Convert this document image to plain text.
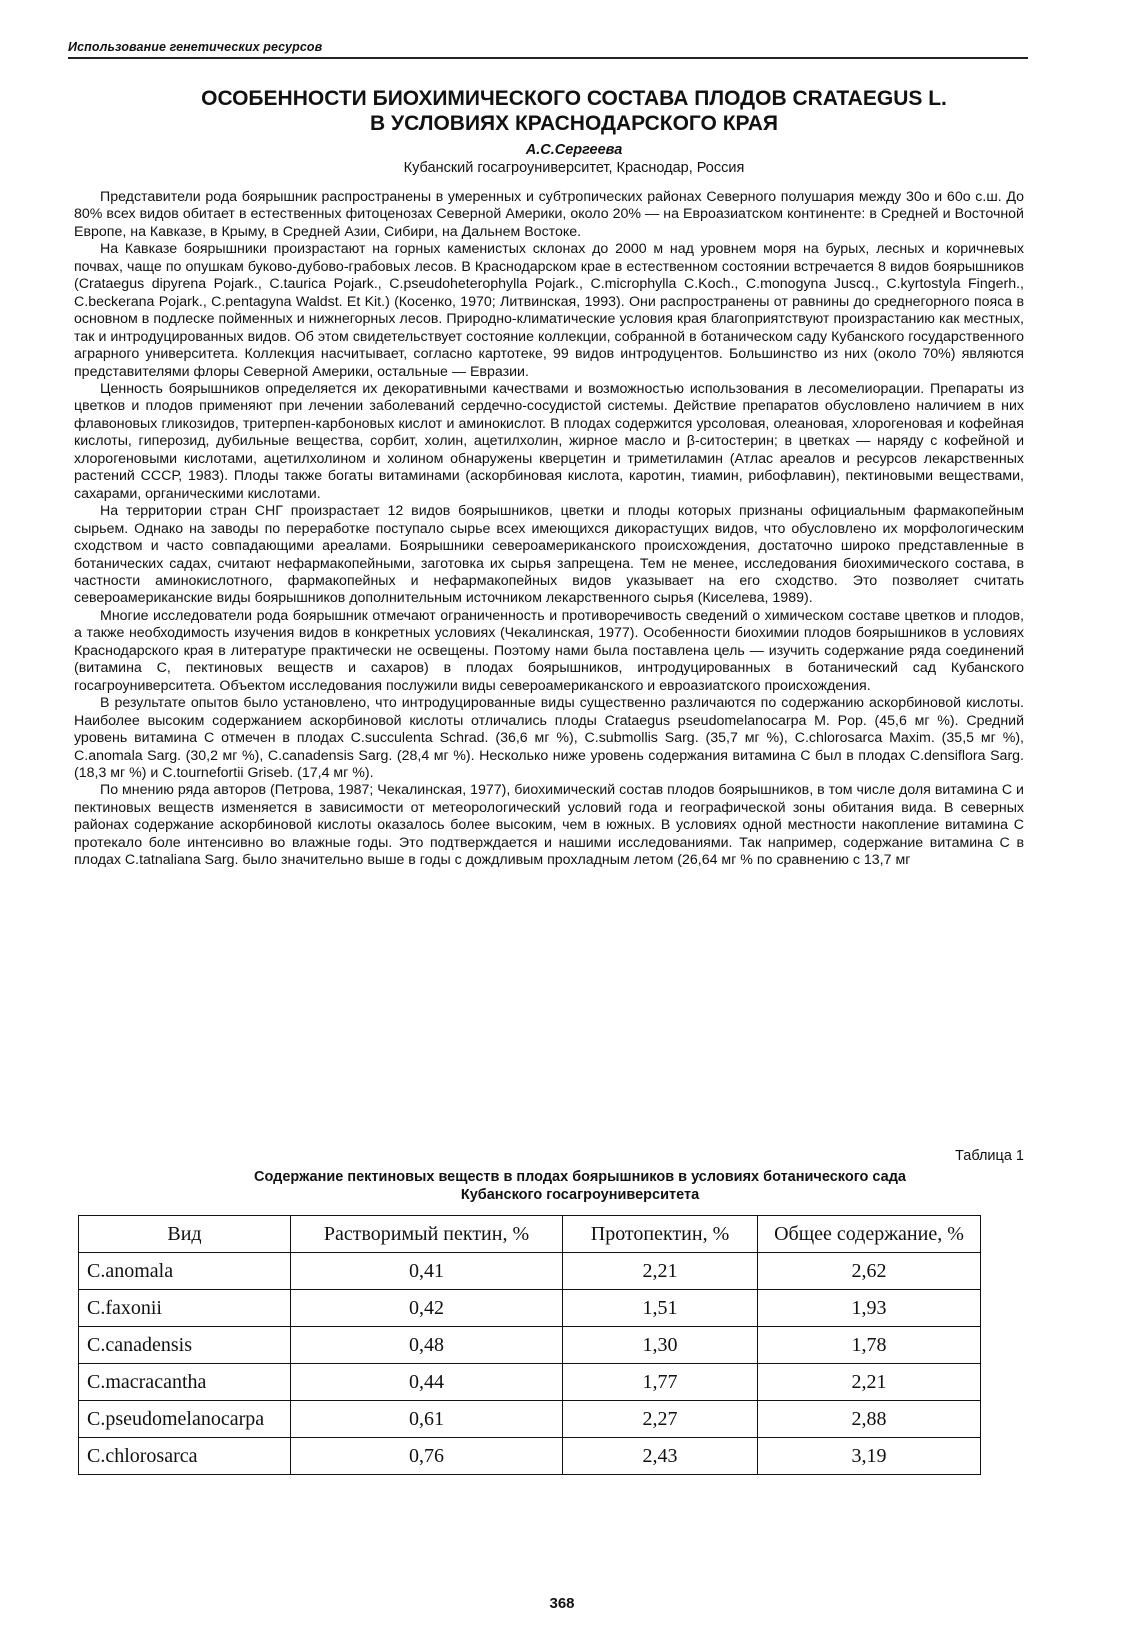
Использование генетических ресурсов
ОСОБЕННОСТИ БИОХИМИЧЕСКОГО СОСТАВА ПЛОДОВ CRATAEGUS L.
В УСЛОВИЯХ КРАСНОДАРСКОГО КРАЯ
А.С.Сергеева
Кубанский госагроуниверситет, Краснодар, Россия

Представители рода боярышник распространены в умеренных и субтропических районах Северного полушария между 30о и 60о с.ш. До 80% всех видов обитает в естественных фитоценозах Северной Америки, около 20% — на Евроазиатском континенте: в Средней и Восточной Европе, на Кавказе, в Крыму, в Средней Азии, Сибири, на Дальнем Востоке.

На Кавказе боярышники произрастают на горных каменистых склонах до 2000 м над уровнем моря на бурых, лесных и коричневых почвах, чаще по опушкам буково-дубово-грабовых лесов. В Краснодарском крае в естественном состоянии встречается 8 видов боярышников (Crataegus dipyrena Pojark., C.taurica Pojark., C.pseudoheterophylla Pojark., C.microphylla C.Koch., C.monogyna Juscq., C.kyrtostyla Fingerh., C.beckerana Pojark., C.pentagyna Waldst. Et Kit.) (Косенко, 1970; Литвинская, 1993). Они распространены от равнины до среднегорного пояса в основном в подлеске пойменных и нижнегорных лесов. Природно-климатические условия края благоприятствуют произрастанию как местных, так и интродуцированных видов. Об этом свидетельствует состояние коллекции, собранной в ботаническом саду Кубанского государственного аграрного университета. Коллекция насчитывает, согласно картотеке, 99 видов интродуцентов. Большинство из них (около 70%) являются представителями флоры Северной Америки, остальные — Евразии.

Ценность боярышников определяется их декоративными качествами и возможностью использования в лесомелиорации. Препараты из цветков и плодов применяют при лечении заболеваний сердечно-сосудистой системы. Действие препаратов обусловлено наличием в них флавоновых гликозидов, тритерпен-карбоновых кислот и аминокислот. В плодах содержится урсоловая, олеановая, хлорогеновая и кофейная кислоты, гиперозид, дубильные вещества, сорбит, холин, ацетилхолин, жирное масло и β-ситостерин; в цветках — наряду с кофейной и хлорогеновыми кислотами, ацетилхолином и холином обнаружены кверцетин и триметиламин (Атлас ареалов и ресурсов лекарственных растений СССР, 1983). Плоды также богаты витаминами (аскорбиновая кислота, каротин, тиамин, рибофлавин), пектиновыми веществами, сахарами, органическими кислотами.

На территории стран СНГ произрастает 12 видов боярышников, цветки и плоды которых признаны официальным фармакопейным сырьем. Однако на заводы по переработке поступало сырье всех имеющихся дикорастущих видов, что обусловлено их морфологическим сходством и часто совпадающими ареалами. Боярышники североамериканского происхождения, достаточно широко представленные в ботанических садах, считают нефармакопейными, заготовка их сырья запрещена. Тем не менее, исследования биохимического состава, в частности аминокислотного, фармакопейных и нефармакопейных видов указывает на его сходство. Это позволяет считать североамериканские виды боярышников дополнительным источником лекарственного сырья (Киселева, 1989).

Многие исследователи рода боярышник отмечают ограниченность и противоречивость сведений о химическом составе цветков и плодов, а также необходимость изучения видов в конкретных условиях (Чекалинская, 1977). Особенности биохимии плодов боярышников в условиях Краснодарского края в литературе практически не освещены. Поэтому нами была поставлена цель — изучить содержание ряда соединений (витамина С, пектиновых веществ и сахаров) в плодах боярышников, интродуцированных в ботанический сад Кубанского госагроуниверситета. Объектом исследования послужили виды североамериканского и евроазиатского происхождения.

В результате опытов было установлено, что интродуцированные виды существенно различаются по содержанию аскорбиновой кислоты. Наиболее высоким содержанием аскорбиновой кислоты отличались плоды Crataegus pseudomelanocarpa M. Pop. (45,6 мг %). Средний уровень витамина С отмечен в плодах C.succulenta Schrad. (36,6 мг %), C.submollis Sarg. (35,7 мг %), C.chlorosarca Maxim. (35,5 мг %), C.anomala Sarg. (30,2 мг %), C.canadensis Sarg. (28,4 мг %). Несколько ниже уровень содержания витамина С был в плодах C.densiflora Sarg. (18,3 мг %) и C.tournefortii Griseb. (17,4 мг %).

По мнению ряда авторов (Петрова, 1987; Чекалинская, 1977), биохимический состав плодов боярышников, в том числе доля витамина С и пектиновых веществ изменяется в зависимости от метеорологический условий года и географической зоны обитания вида. В северных районах содержание аскорбиновой кислоты оказалось более высоким, чем в южных. В условиях одной местности накопление витамина С протекало боле интенсивно во влажные годы. Это подтверждается и нашими исследованиями. Так например, содержание витамина С в плодах C.tatnaliana Sarg. было значительно выше в годы с дождливым прохладным летом (26,64 мг % по сравнению с 13,7 мг

Таблица 1
Содержание пектиновых веществ в плодах боярышников в условиях ботанического сада
Кубанского госагроуниверситета
Вид	Растворимый пектин, %	Протопектин, %	Общее содержание, %
C.anomala	0,41	2,21	2,62
C.faxonii	0,42	1,51	1,93
C.canadensis	0,48	1,30	1,78
C.macracantha	0,44	1,77	2,21
C.pseudomelanocarpa	0,61	2,27	2,88
C.chlorosarca	0,76	2,43	3,19
368
